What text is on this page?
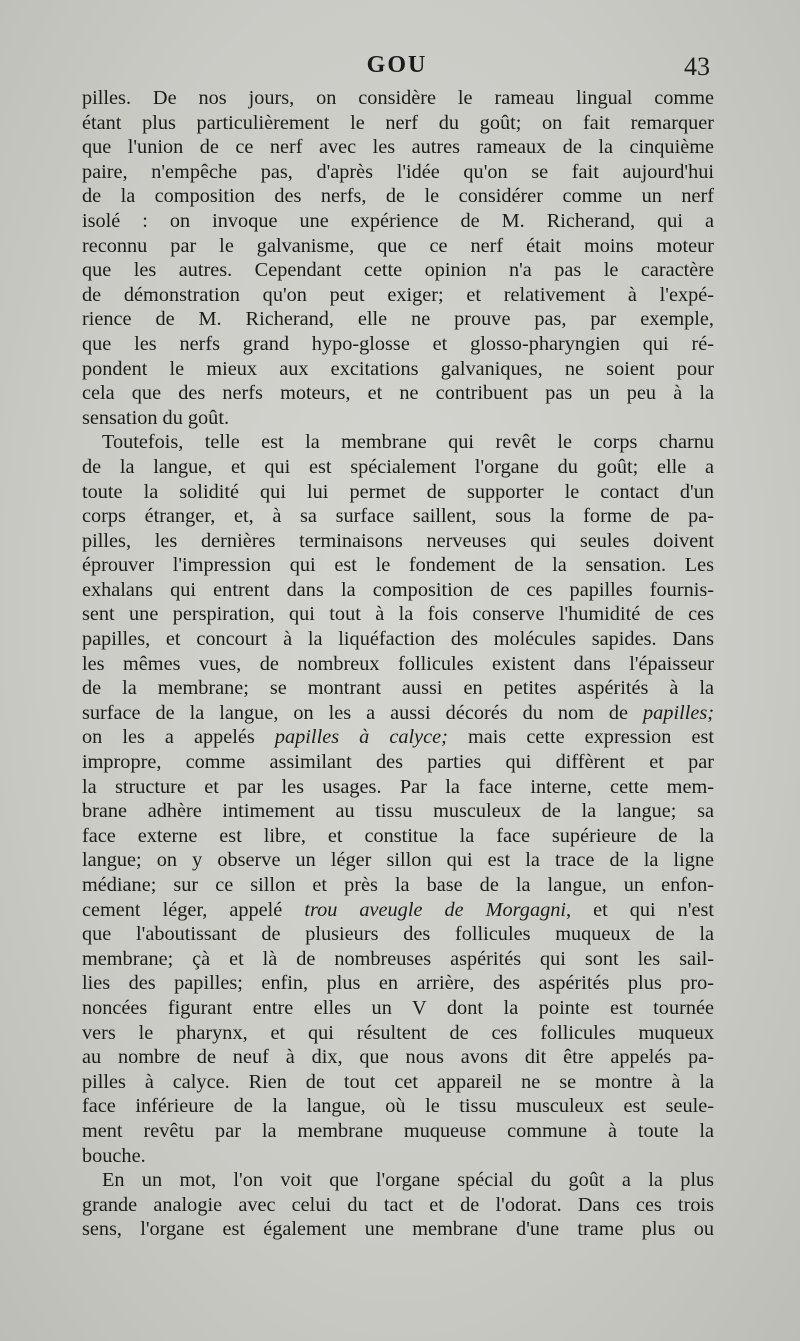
GOU	43
pilles. De nos jours, on considère le rameau lingual comme
étant plus particulièrement le nerf du goût; on fait remarquer
que l'union de ce nerf avec les autres rameaux de la cinquième
paire, n'empêche pas, d'après l'idée qu'on se fait aujourd'hui
de la composition des nerfs, de le considérer comme un nerf
isolé : on invoque une expérience de M. Richerand, qui a
reconnu par le galvanisme, que ce nerf était moins moteur
que les autres. Cependant cette opinion n'a pas le caractère
de démonstration qu'on peut exiger; et relativement à l'expé-
rience de M. Richerand, elle ne prouve pas, par exemple,
que les nerfs grand hypo-glosse et glosso-pharyngien qui ré-
pondent le mieux aux excitations galvaniques, ne soient pour
cela que des nerfs moteurs, et ne contribuent pas un peu à la
sensation du goût.
Toutefois, telle est la membrane qui revêt le corps charnu
de la langue, et qui est spécialement l'organe du goût; elle a
toute la solidité qui lui permet de supporter le contact d'un
corps étranger, et, à sa surface saillent, sous la forme de pa-
pilles, les dernières terminaisons nerveuses qui seules doivent
éprouver l'impression qui est le fondement de la sensation. Les
exhalans qui entrent dans la composition de ces papilles fournis-
sent une perspiration, qui tout à la fois conserve l'humidité de ces
papilles, et concourt à la liquéfaction des molécules sapides. Dans
les mêmes vues, de nombreux follicules existent dans l'épaisseur
de la membrane; se montrant aussi en petites aspérités à la
surface de la langue, on les a aussi décorés du nom de papilles;
on les a appelés papilles à calyce; mais cette expression est
impropre, comme assimilant des parties qui diffèrent et par
la structure et par les usages. Par la face interne, cette mem-
brane adhère intimement au tissu musculeux de la langue; sa
face externe est libre, et constitue la face supérieure de la
langue; on y observe un léger sillon qui est la trace de la ligne
médiane; sur ce sillon et près la base de la langue, un enfon-
cement léger, appelé trou aveugle de Morgagni, et qui n'est
que l'aboutissant de plusieurs des follicules muqueux de la
membrane; çà et là de nombreuses aspérités qui sont les sail-
lies des papilles; enfin, plus en arrière, des aspérités plus pro-
noncées figurant entre elles un V dont la pointe est tournée
vers le pharynx, et qui résultent de ces follicules muqueux
au nombre de neuf à dix, que nous avons dit être appelés pa-
pilles à calyce. Rien de tout cet appareil ne se montre à la
face inférieure de la langue, où le tissu musculeux est seule-
ment revêtu par la membrane muqueuse commune à toute la
bouche.
En un mot, l'on voit que l'organe spécial du goût a la plus
grande analogie avec celui du tact et de l'odorat. Dans ces trois
sens, l'organe est également une membrane d'une trame plus ou
